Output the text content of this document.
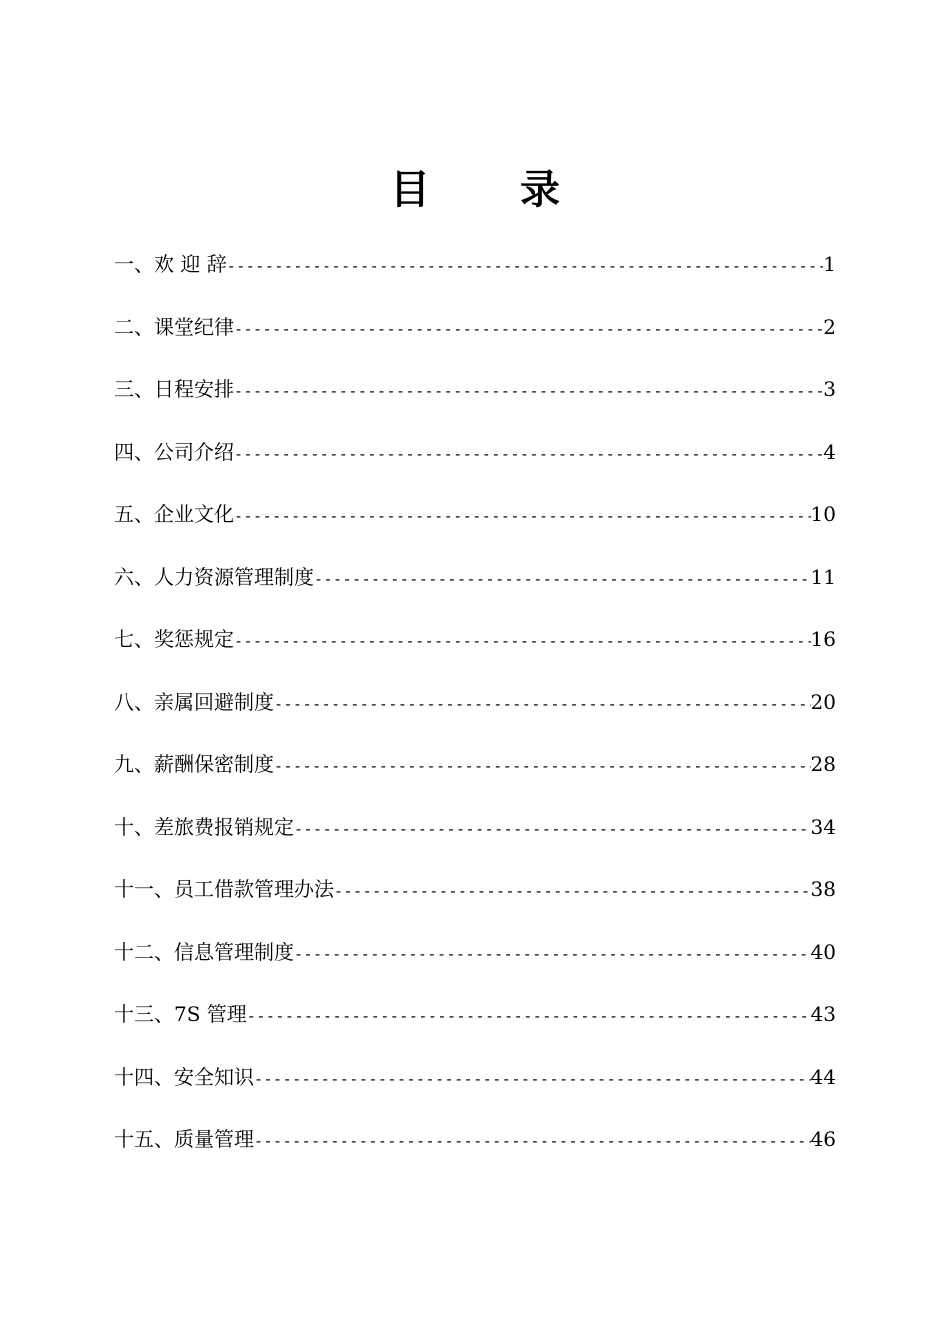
目 录
一、欢 迎 辞 -----	1
二、课堂纪律 -----	2
三、日程安排 -----	3
四、公司介绍 -----	4
五、企业文化 -----	10
六、人力资源管理制度 -----	11
七、奖惩规定 -----	16
八、亲属回避制度 -----	20
九、薪酬保密制度 -----	28
十、差旅费报销规定 -----	34
十一、员工借款管理办法 -----	38
十二、信息管理制度 -----	40
十三、7S 管理 -----	43
十四、安全知识 -----	44
十五、质量管理 -----	46
